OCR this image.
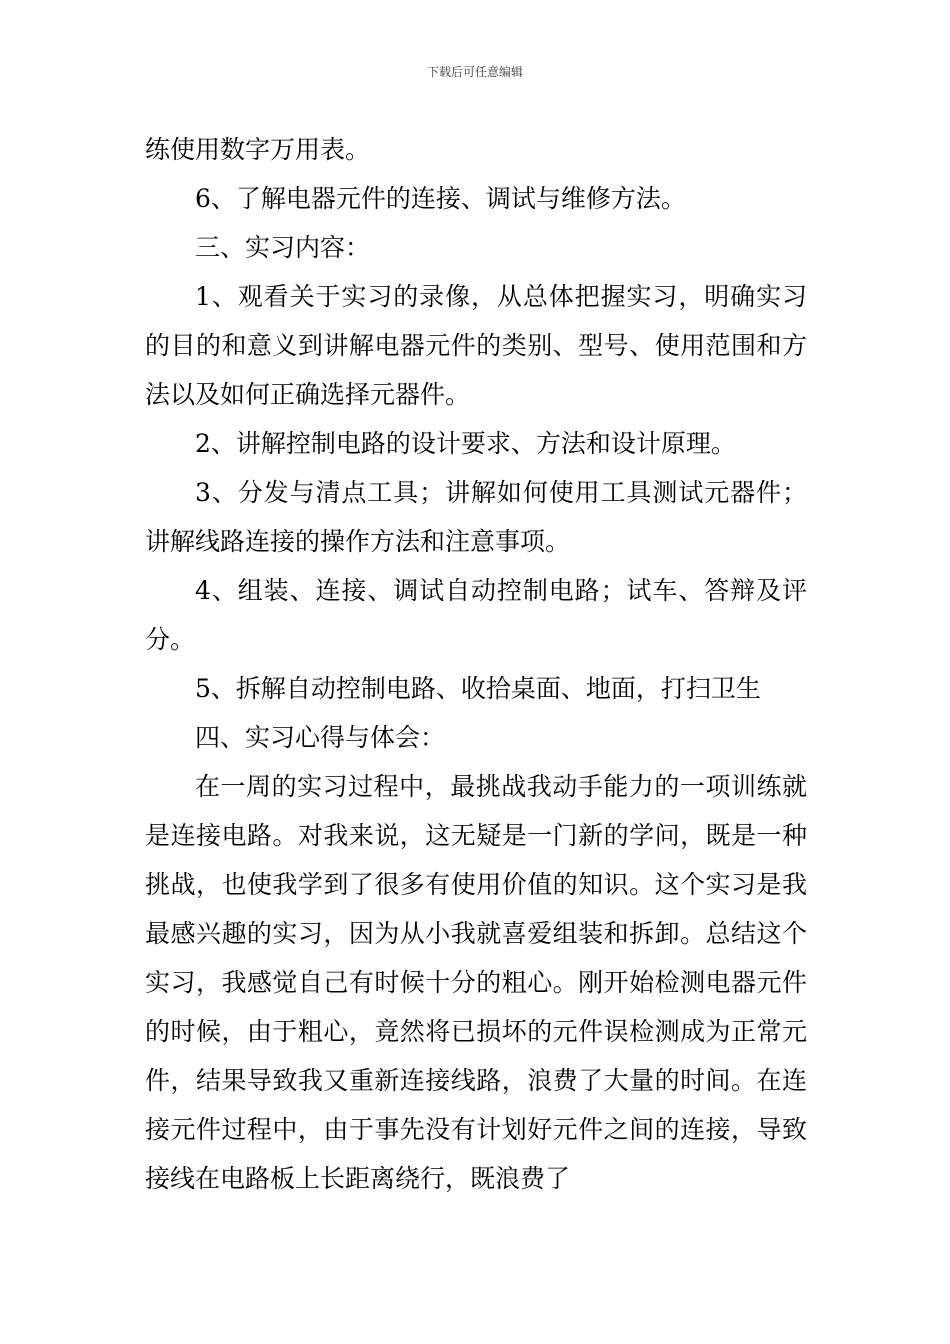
下载后可任意编辑

练使用数字万用表。

6、了解电器元件的连接、调试与维修方法。

三、实习内容：

1、观看关于实习的录像，从总体把握实习，明确实习的目的和意义到讲解电器元件的类别、型号、使用范围和方法以及如何正确选择元器件。

2、讲解控制电路的设计要求、方法和设计原理。

3、分发与清点工具；讲解如何使用工具测试元器件；讲解线路连接的操作方法和注意事项。

4、组装、连接、调试自动控制电路；试车、答辩及评分。

5、拆解自动控制电路、收拾桌面、地面，打扫卫生

四、实习心得与体会：

在一周的实习过程中，最挑战我动手能力的一项训练就是连接电路。对我来说，这无疑是一门新的学问，既是一种挑战，也使我学到了很多有使用价值的知识。这个实习是我最感兴趣的实习，因为从小我就喜爱组装和拆卸。总结这个实习，我感觉自己有时候十分的粗心。刚开始检测电器元件的时候，由于粗心，竟然将已损坏的元件误检测成为正常元件，结果导致我又重新连接线路，浪费了大量的时间。在连接元件过程中，由于事先没有计划好元件之间的连接，导致接线在电路板上长距离绕行，既浪费了
